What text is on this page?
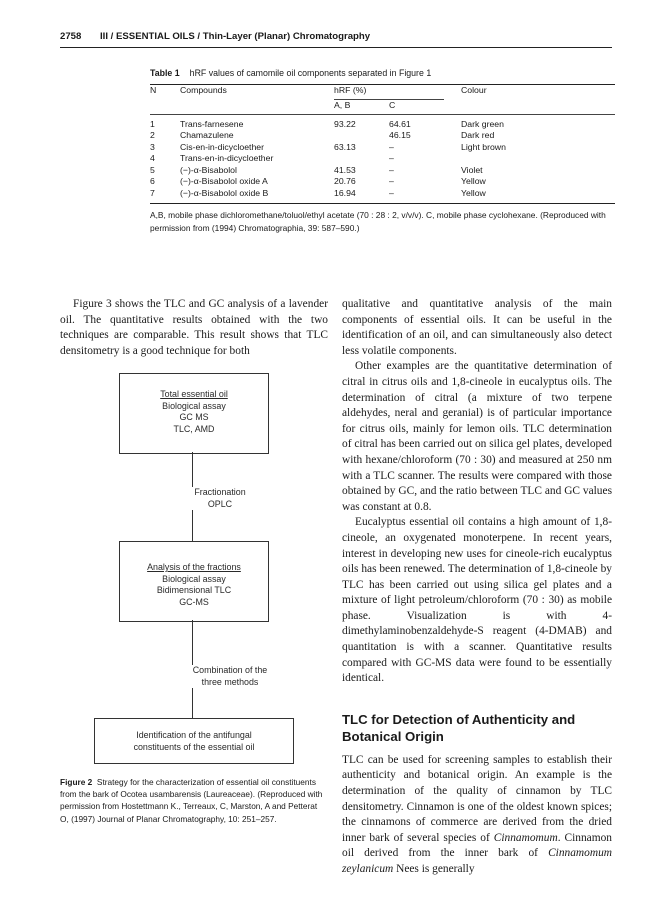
2758 III / ESSENTIAL OILS / Thin-Layer (Planar) Chromatography
Table 1 hRF values of camomile oil components separated in Figure 1
N	Compounds	hRF (%)		Colour
		A, B	C	
1	Trans-farnesene	93.22	64.61	Dark green
2	Chamazulene		46.15	Dark red
3	Cis-en-in-dicycloether	63.13	–	Light brown
4	Trans-en-in-dicycloether		–	
5	(−)-α-Bisabolol	41.53	–	Violet
6	(−)-α-Bisabolol oxide A	20.76	–	Yellow
7	(−)-α-Bisabolol oxide B	16.94	–	Yellow
A,B, mobile phase dichloromethane/toluol/ethyl acetate (70 : 28 : 2, v/v/v). C, mobile phase cyclohexane. (Reproduced with permission from (1994) Chromatographia, 39: 587–590.)

Figure 3 shows the TLC and GC analysis of a lavender oil. The quantitative results obtained with the two techniques are comparable. This result shows that TLC densitometry is a good technique for both

Total essential oil
Biological assay
GC MS
TLC, AMD
Fractionation
OPLC
Analysis of the fractions
Biological assay
Bidimensional TLC
GC-MS
Combination of the
three methods
Identification of the antifungal
constituents of the essential oil
Figure 2 Strategy for the characterization of essential oil constituents from the bark of Ocotea usambarensis (Laureaceae). (Reproduced with permission from Hostettmann K., Terreaux, C, Marston, A and Petterat O, (1997) Journal of Planar Chromatography, 10: 251–257.

qualitative and quantitative analysis of the main components of essential oils. It can be useful in the identification of an oil, and can simultaneously also detect less volatile components.

Other examples are the quantitative determination of citral in citrus oils and 1,8-cineole in eucalyptus oils. The determination of citral (a mixture of two terpene aldehydes, neral and geranial) is of particular importance for citrus oils, mainly for lemon oils. TLC determination of citral has been carried out on silica gel plates, developed with hexane/chloroform (70 : 30) and measured at 250 nm with a TLC scanner. The results were compared with those obtained by GC, and the ratio between TLC and GC values was constant at 0.8.

Eucalyptus essential oil contains a high amount of 1,8-cineole, an oxygenated monoterpene. In recent years, interest in developing new uses for cineole-rich eucalyptus oils has been renewed. The determination of 1,8-cineole by TLC has been carried out using silica gel plates and a mixture of light petroleum/chloroform (70 : 30) as mobile phase. Visualization is with 4-dimethylaminobenzaldehyde-S reagent (4-DMAB) and quantitation is with a scanner. Quantitative results compared with GC-MS data were found to be essentially identical.

TLC for Detection of Authenticity and Botanical Origin

TLC can be used for screening samples to establish their authenticity and botanical origin. An example is the determination of the quality of cinnamon by TLC densitometry. Cinnamon is one of the oldest known spices; the cinnamons of commerce are derived from the dried inner bark of several species of Cinnamomum. Cinnamon oil derived from the inner bark of Cinnamomum zeylanicum Nees is generally
